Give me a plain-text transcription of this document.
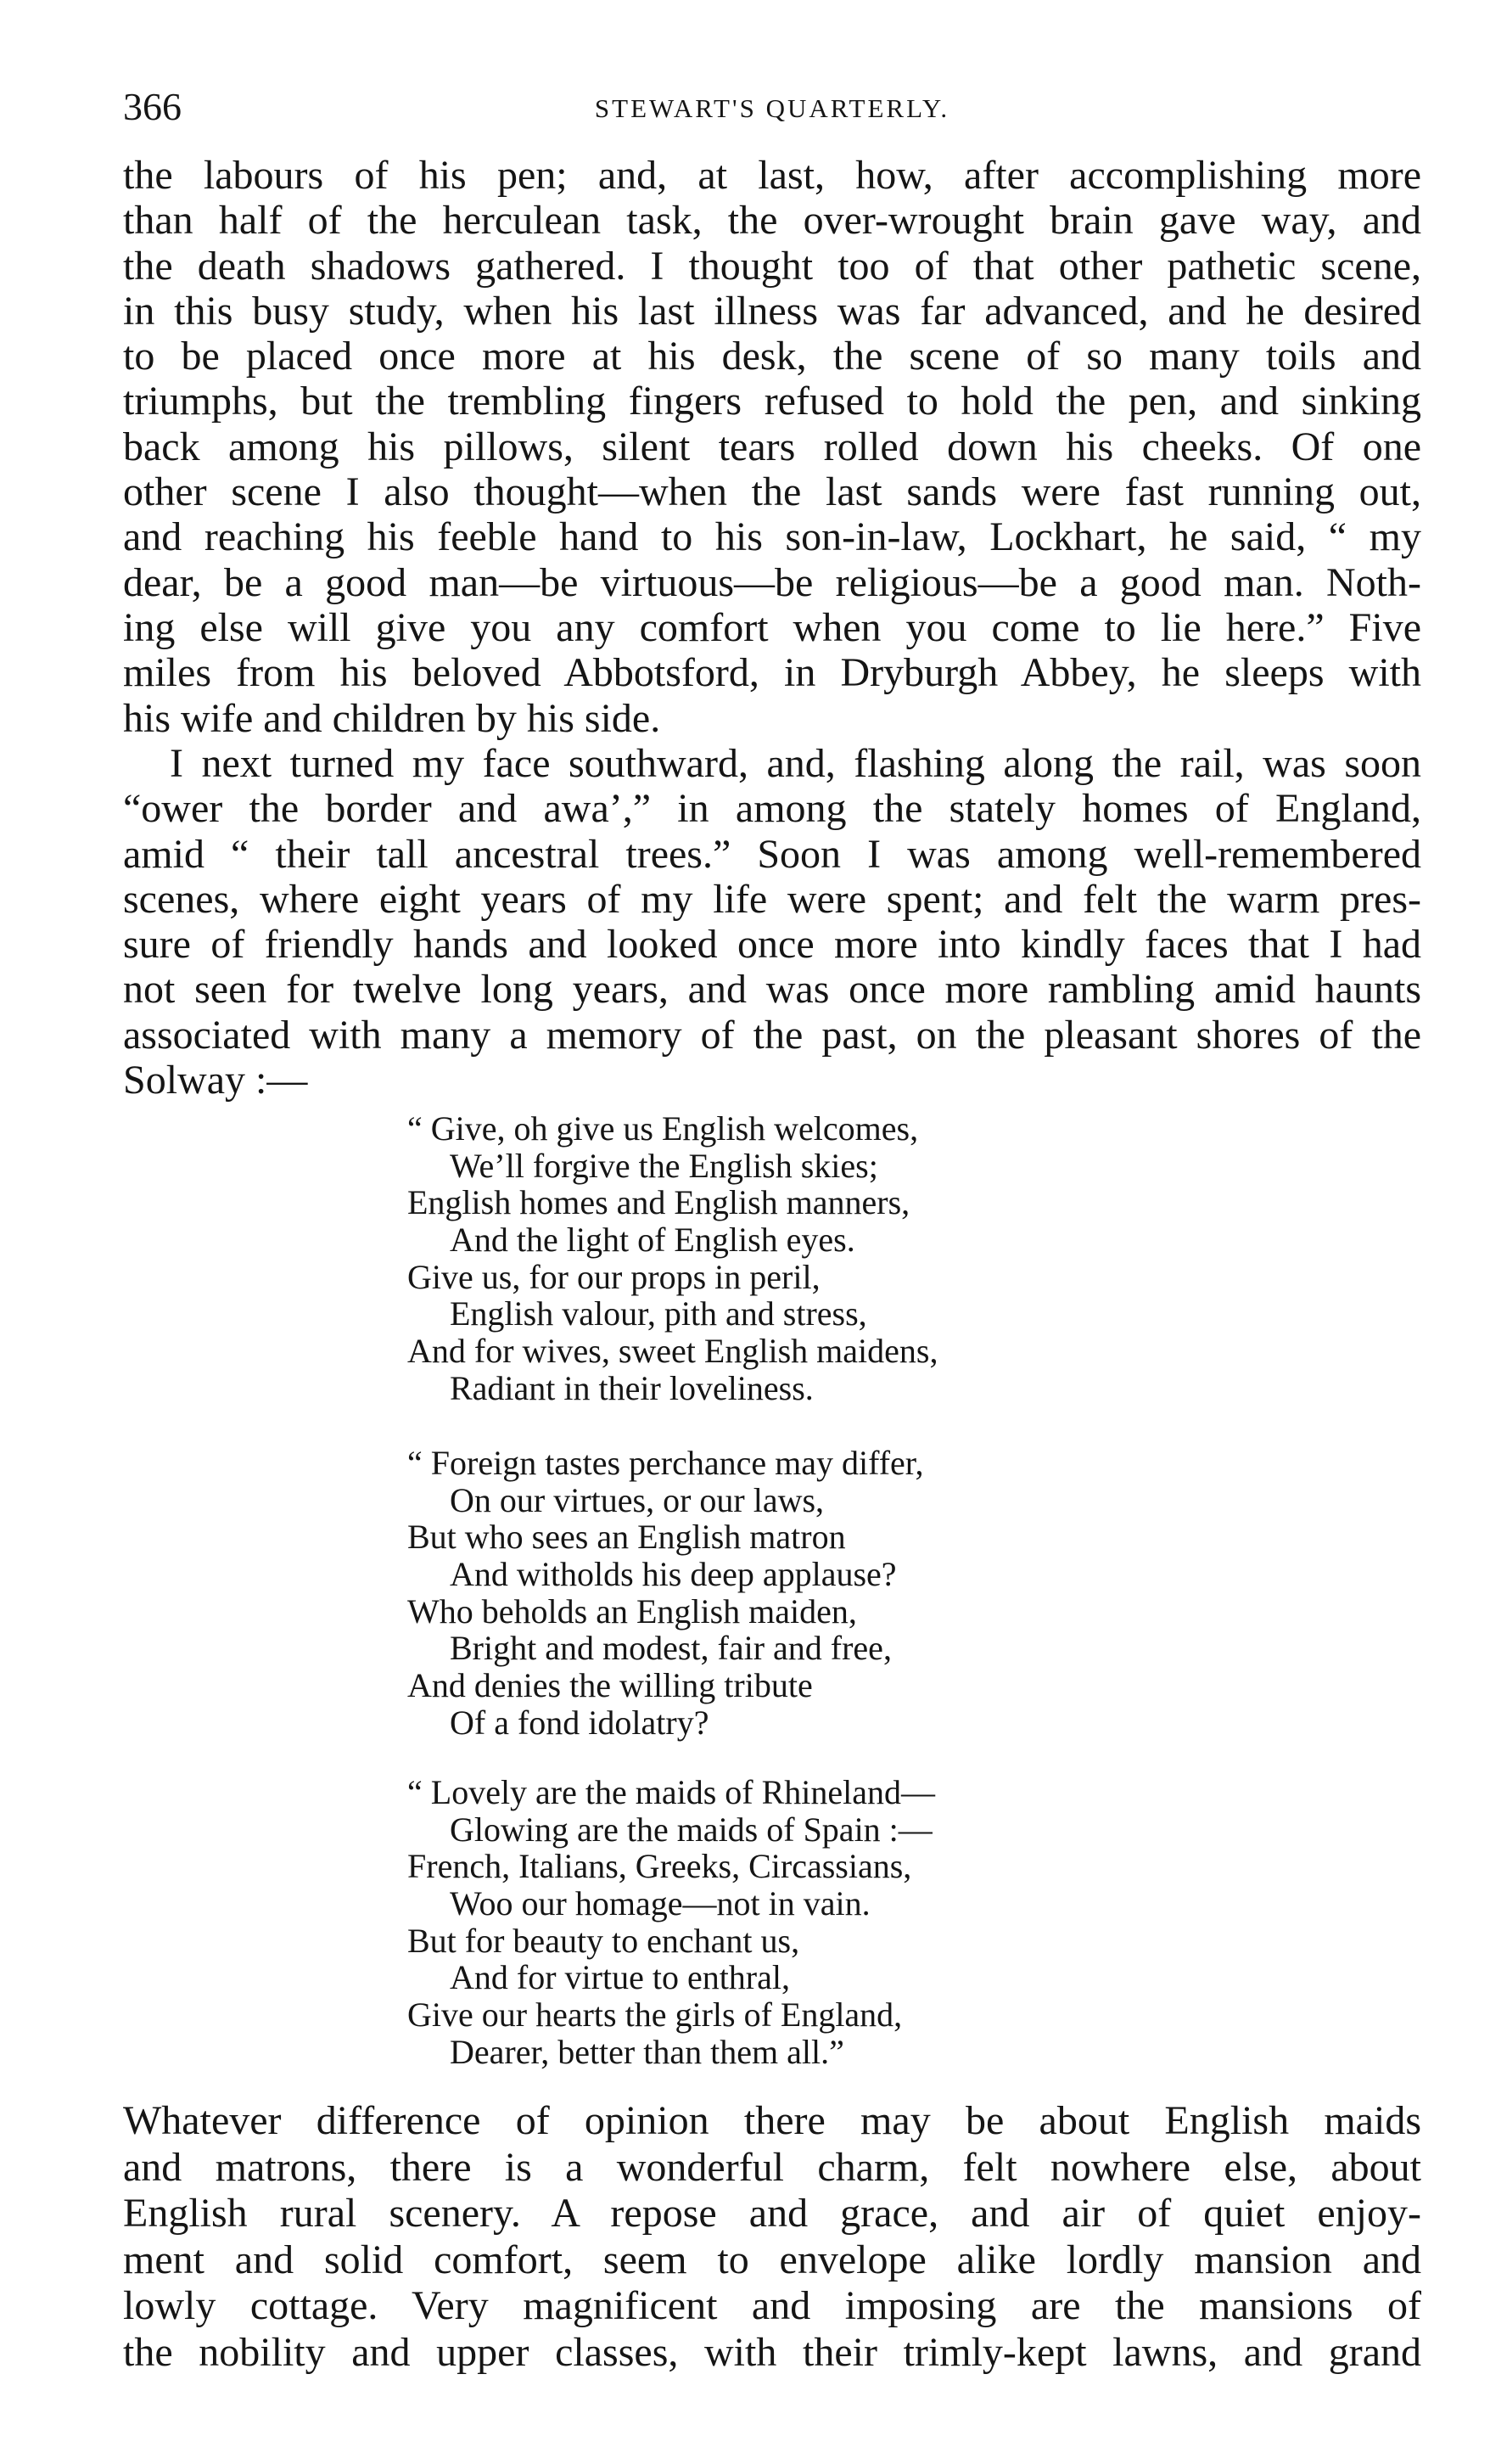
366	STEWART'S QUARTERLY.
the labours of his pen; and, at last, how, after accomplishing more
than half of the herculean task, the over-wrought brain gave way, and
the death shadows gathered. I thought too of that other pathetic scene,
in this busy study, when his last illness was far advanced, and he desired
to be placed once more at his desk, the scene of so many toils and
triumphs, but the trembling fingers refused to hold the pen, and sinking
back among his pillows, silent tears rolled down his cheeks. Of one
other scene I also thought—when the last sands were fast running out,
and reaching his feeble hand to his son-in-law, Lockhart, he said, “ my
dear, be a good man—be virtuous—be religious—be a good man. Noth-
ing else will give you any comfort when you come to lie here.” Five
miles from his beloved Abbotsford, in Dryburgh Abbey, he sleeps with
his wife and children by his side.
I next turned my face southward, and, flashing along the rail, was soon
“ower the border and awa’,” in among the stately homes of England,
amid “ their tall ancestral trees.” Soon I was among well-remembered
scenes, where eight years of my life were spent; and felt the warm pres-
sure of friendly hands and looked once more into kindly faces that I had
not seen for twelve long years, and was once more rambling amid haunts
associated with many a memory of the past, on the pleasant shores of the
Solway :—
“ Give, oh give us English welcomes,
We’ll forgive the English skies;
English homes and English manners,
And the light of English eyes.
Give us, for our props in peril,
English valour, pith and stress,
And for wives, sweet English maidens,
Radiant in their loveliness.
“ Foreign tastes perchance may differ,
On our virtues, or our laws,
But who sees an English matron
And witholds his deep applause?
Who beholds an English maiden,
Bright and modest, fair and free,
And denies the willing tribute
Of a fond idolatry?
“ Lovely are the maids of Rhineland—
Glowing are the maids of Spain :—
French, Italians, Greeks, Circassians,
Woo our homage—not in vain.
But for beauty to enchant us,
And for virtue to enthral,
Give our hearts the girls of England,
Dearer, better than them all.”
Whatever difference of opinion there may be about English maids
and matrons, there is a wonderful charm, felt nowhere else, about
English rural scenery. A repose and grace, and air of quiet enjoy-
ment and solid comfort, seem to envelope alike lordly mansion and
lowly cottage. Very magnificent and imposing are the mansions of
the nobility and upper classes, with their trimly-kept lawns, and grand
